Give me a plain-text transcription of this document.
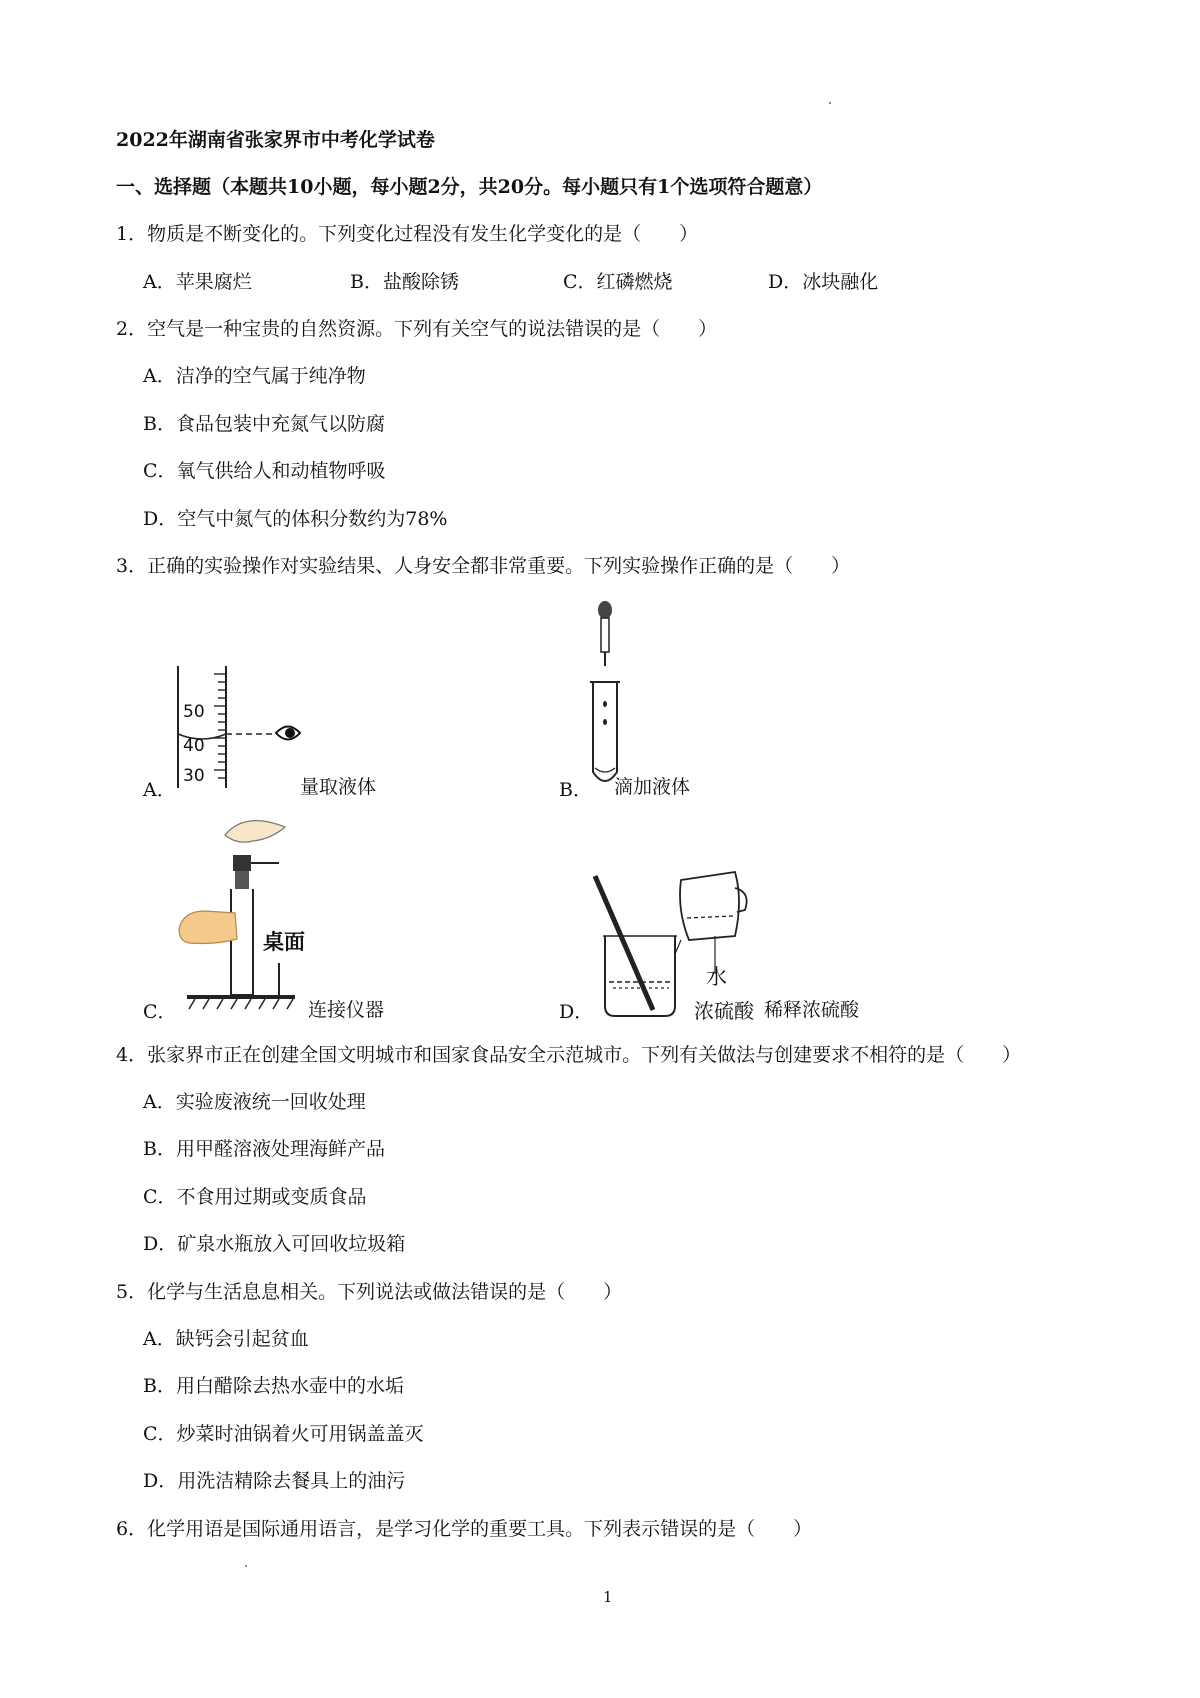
2022年湖南省张家界市中考化学试卷
一、选择题（本题共10小题，每小题2分，共20分。每小题只有1个选项符合题意）
1．物质是不断变化的。下列变化过程没有发生化学变化的是（　　）
A．苹果腐烂	B．盐酸除锈	C．红磷燃烧	D．冰块融化
2．空气是一种宝贵的自然资源。下列有关空气的说法错误的是（　　）
A．洁净的空气属于纯净物
B．食品包装中充氮气以防腐
C．氧气供给人和动植物呼吸
D．空气中氮气的体积分数约为78%
3．正确的实验操作对实验结果、人身安全都非常重要。下列实验操作正确的是（　　）
50
40
30
A．	量取液体	B． 滴加液体
桌面
C．	连接仪器
水
浓硫酸
D．	稀释浓硫酸
4．张家界市正在创建全国文明城市和国家食品安全示范城市。下列有关做法与创建要求不相符的是（　　）
A．实验废液统一回收处理
B．用甲醛溶液处理海鲜产品
C．不食用过期或变质食品
D．矿泉水瓶放入可回收垃圾箱
5．化学与生活息息相关。下列说法或做法错误的是（　　）
A．缺钙会引起贫血
B．用白醋除去热水壶中的水垢
C．炒菜时油锅着火可用锅盖盖灭
D．用洗洁精除去餐具上的油污
6．化学用语是国际通用语言，是学习化学的重要工具。下列表示错误的是（　　）
1
